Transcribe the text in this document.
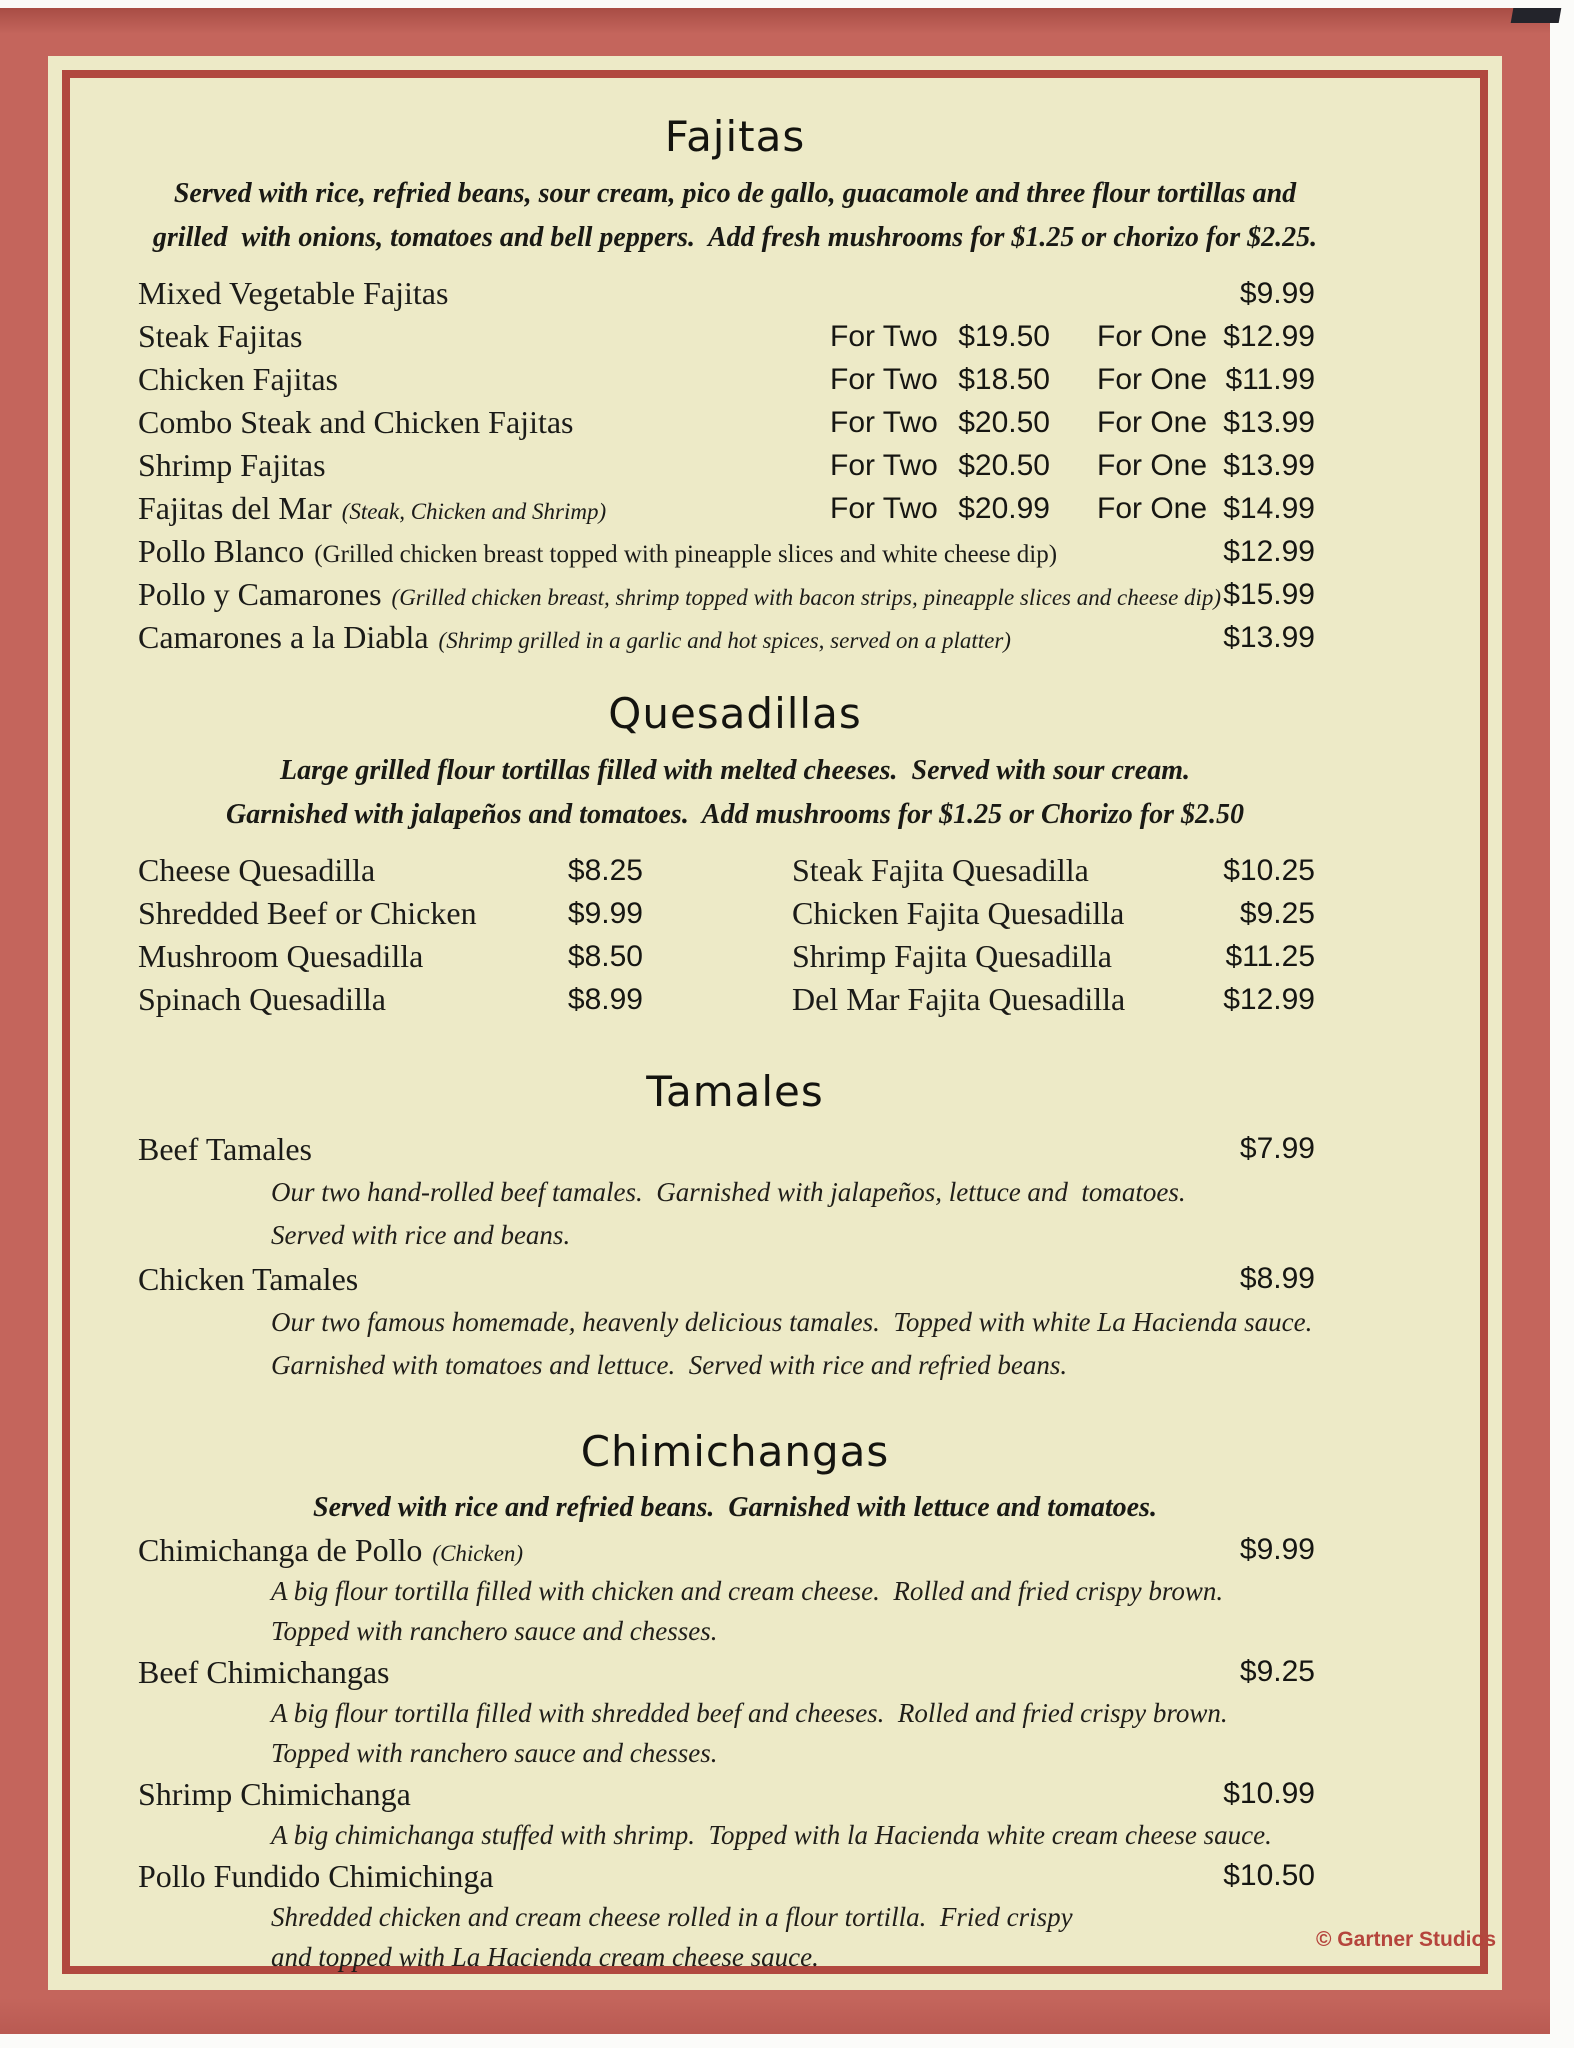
Fajitas
Served with rice, refried beans, sour cream, pico de gallo, guacamole and three flour tortillas and
grilled  with onions, tomatoes and bell peppers.  Add fresh mushrooms for $1.25 or chorizo for $2.25.
Mixed Vegetable Fajitas	$9.99
Steak Fajitas	For Two $19.50 For One $12.99
Chicken Fajitas	For Two $18.50 For One $11.99
Combo Steak and Chicken Fajitas	For Two $20.50 For One $13.99
Shrimp Fajitas	For Two $20.50 For One $13.99
Fajitas del Mar (Steak, Chicken and Shrimp)	For Two $20.99 For One $14.99
Pollo Blanco (Grilled chicken breast topped with pineapple slices and white cheese dip)	$12.99
Pollo y Camarones (Grilled chicken breast, shrimp topped with bacon strips, pineapple slices and cheese dip) $15.99
Camarones a la Diabla (Shrimp grilled in a garlic and hot spices, served on a platter)	$13.99
Quesadillas
Large grilled flour tortillas filled with melted cheeses.  Served with sour cream.
Garnished with jalapeños and tomatoes.  Add mushrooms for $1.25 or Chorizo for $2.50
Cheese Quesadilla	$8.25	Steak Fajita Quesadilla	$10.25
Shredded Beef or Chicken	$9.99	Chicken Fajita Quesadilla	$9.25
Mushroom Quesadilla	$8.50	Shrimp Fajita Quesadilla	$11.25
Spinach Quesadilla	$8.99	Del Mar Fajita Quesadilla	$12.99
Tamales
Beef Tamales	$7.99
Our two hand-rolled beef tamales.  Garnished with jalapeños, lettuce and  tomatoes.
Served with rice and beans.
Chicken Tamales	$8.99
Our two famous homemade, heavenly delicious tamales.  Topped with white La Hacienda sauce.
Garnished with tomatoes and lettuce.  Served with rice and refried beans.
Chimichangas
Served with rice and refried beans.  Garnished with lettuce and tomatoes.
Chimichanga de Pollo (Chicken)	$9.99
A big flour tortilla filled with chicken and cream cheese.  Rolled and fried crispy brown.
Topped with ranchero sauce and chesses.
Beef Chimichangas	$9.25
A big flour tortilla filled with shredded beef and cheeses.  Rolled and fried crispy brown.
Topped with ranchero sauce and chesses.
Shrimp Chimichanga	$10.99
A big chimichanga stuffed with shrimp.  Topped with la Hacienda white cream cheese sauce.
Pollo Fundido Chimichinga	$10.50
Shredded chicken and cream cheese rolled in a flour tortilla.  Fried crispy
and topped with La Hacienda cream cheese sauce.
© Gartner Studios
